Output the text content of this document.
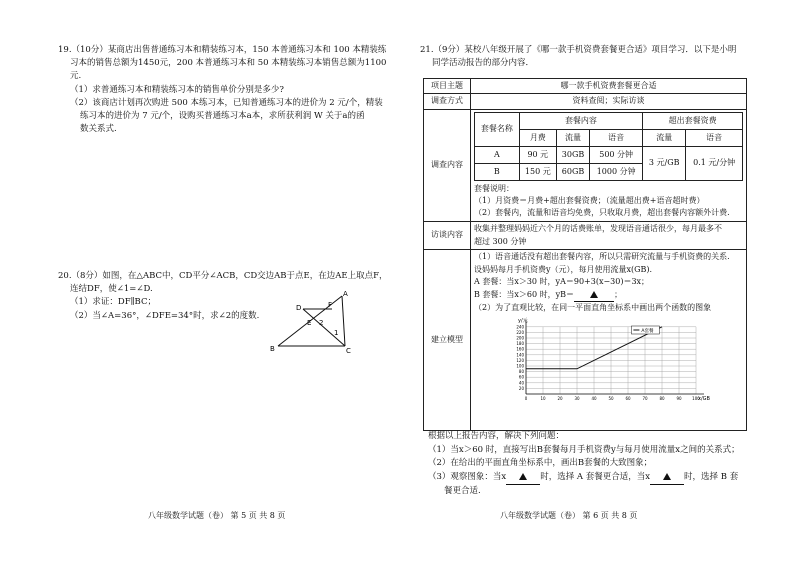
19.（10分）某商店出售普通练习本和精装练习本，150 本普通练习本和 100 本精装练
习本的销售总额为1450元，200 本普通练习本和 50 本精装练习本销售总额为1100
元.
（1）求普通练习本和精装练习本的销售单价分别是多少?
（2）该商店计划再次购进 500 本练习本，已知普通练习本的进价为 2 元/个，精装
练习本的进价为 7 元/个，设购买普通练习本a本，求所获利润 W 关于a的函
数关系式.
20.（8分）如图，在△ABC中，CD平分∠ACB，CD交边AB于点E，在边AE上取点F，
连结DF，使∠1=∠D.
（1）求证：DF∥BC；
（2）当∠A=36°，∠DFE=34°时，求∠2的度数.
D	F
A
E 2
1
B	C
八年级数学试题（卷） 第 5 页 共 8 页
21.（9分）某校八年级开展了《哪一款手机资费套餐更合适》项目学习．以下是小明
同学活动报告的部分内容．
项目主题	哪一款手机资费套餐更合适
调查方式	资料查阅；实际访谈
调查内容	
套餐名称	套餐内容	超出套餐资费
月费	流量	语音	流量	语音
A	90 元	30GB	500 分钟	3 元/GB	0.1 元/分钟
B	150 元	60GB	1000 分钟
套餐说明：
（1）月资费＝月费+超出套餐资费；（流量超出费+语音超时费）
（2）套餐内，流量和语音均免费，只收取月费，超出套餐内容额外计费.

访谈内容	
收集并整理妈妈近六个月的话费账单，发现语音通话很少，每月最多不
超过 300 分钟

建立模型	
（1）语音通话没有超出套餐内容，所以只需研究流量与手机资费的关系.
设妈妈每月手机资费y（元），每月使用流量x(GB).
A 套餐：当x＞30 时，yA＝90+3(x−30)＝3x；
B 套餐：当x＞60 时，yB＝	；
（2）为了直观比较，在同一平面直角坐标系中画出两个函数的图象
240
220
200
180
160
140
120
100
80
60
40
20
0	10	20	30	40	50	60	70	80	90	100
y/元
x/GB
A套餐
根据以上报告内容，解决下列问题：
（1）当x＞60 时，直接写出B套餐每月手机资费y与每月使用流量x之间的关系式；
（2）在给出的平面直角坐标系中，画出B套餐的大致图象；
（3）观察图象：当x	时，选择 A 套餐更合适，当x	时，选择 B 套
餐更合适.
八年级数学试题（卷） 第 6 页 共 8 页
